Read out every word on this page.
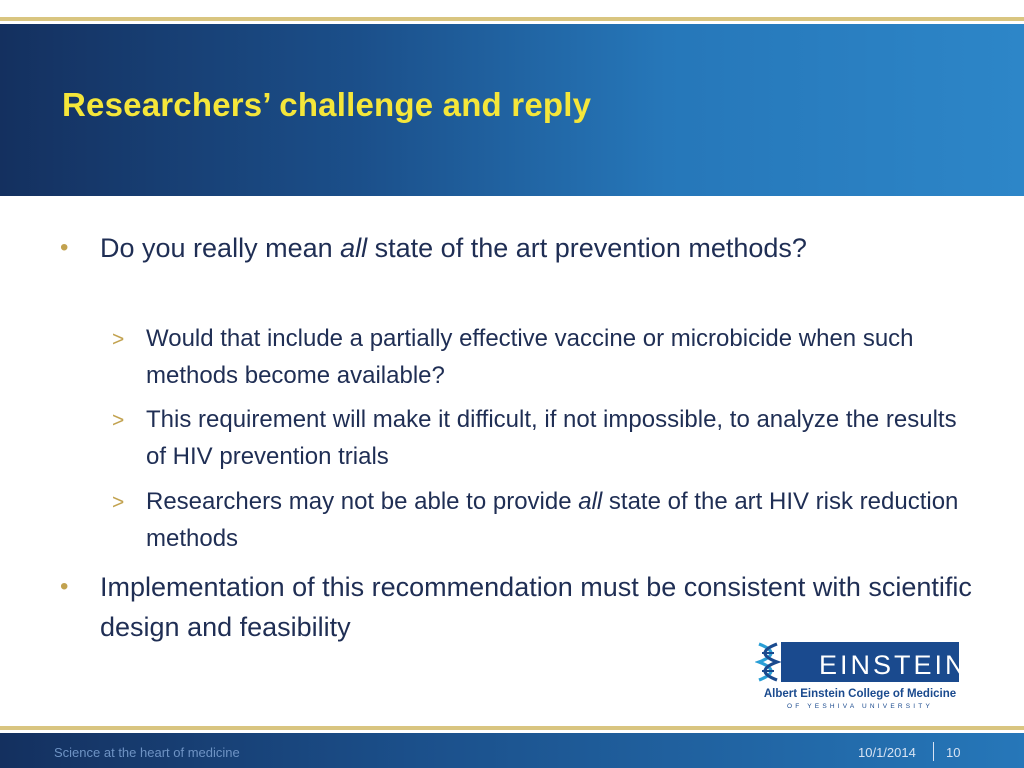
Researchers’ challenge and reply
• Do you really mean all state of the art prevention methods?
> Would that include a partially effective vaccine or microbicide when such methods become available?
> This requirement will make it difficult, if not impossible, to analyze the results of HIV prevention trials
> Researchers may not be able to provide all state of the art HIV risk reduction methods
• Implementation of this recommendation must be consistent with scientific design and feasibility
EINSTEIN
Albert Einstein College of Medicine
OF YESHIVA UNIVERSITY
Science at the heart of medicine	10/1/2014 10
